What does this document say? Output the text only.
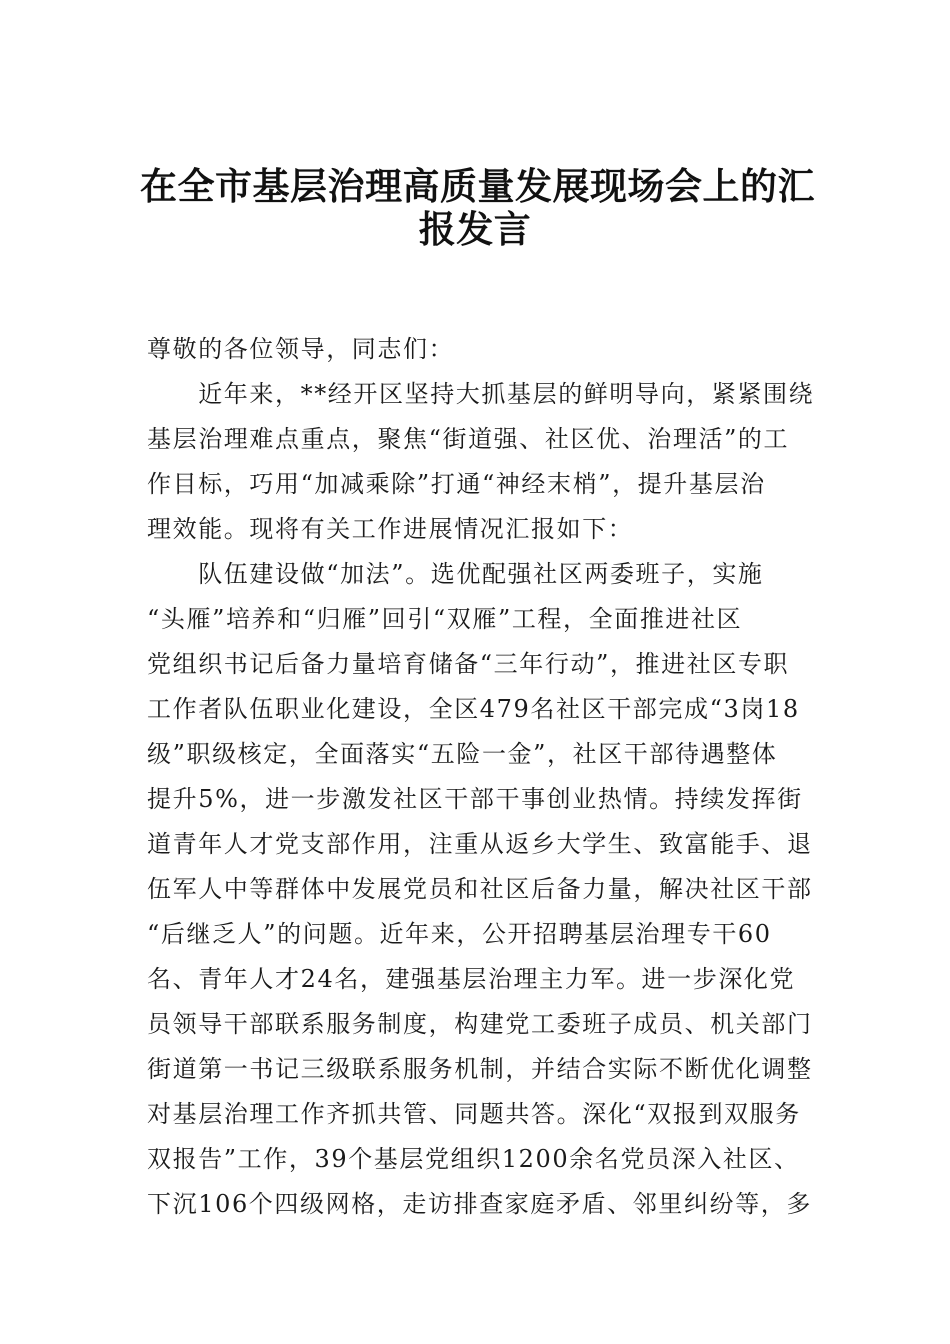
在全市基层治理高质量发展现场会上的汇
报发言
尊敬的各位领导，同志们：
　　近年来，**经开区坚持大抓基层的鲜明导向，紧紧围绕
基层治理难点重点，聚焦“街道强、社区优、治理活”的工
作目标，巧用“加减乘除”打通“神经末梢”，提升基层治
理效能。现将有关工作进展情况汇报如下：
　　队伍建设做“加法”。选优配强社区两委班子，实施
“头雁”培养和“归雁”回引“双雁”工程，全面推进社区
党组织书记后备力量培育储备“三年行动”，推进社区专职
工作者队伍职业化建设，全区479名社区干部完成“3岗18
级”职级核定，全面落实“五险一金”，社区干部待遇整体
提升5%，进一步激发社区干部干事创业热情。持续发挥街
道青年人才党支部作用，注重从返乡大学生、致富能手、退
伍军人中等群体中发展党员和社区后备力量，解决社区干部
“后继乏人”的问题。近年来，公开招聘基层治理专干60
名、青年人才24名，建强基层治理主力军。进一步深化党
员领导干部联系服务制度，构建党工委班子成员、机关部门
街道第一书记三级联系服务机制，并结合实际不断优化调整
对基层治理工作齐抓共管、同题共答。深化“双报到双服务
双报告”工作，39个基层党组织1200余名党员深入社区、
下沉106个四级网格，走访排查家庭矛盾、邻里纠纷等，多
